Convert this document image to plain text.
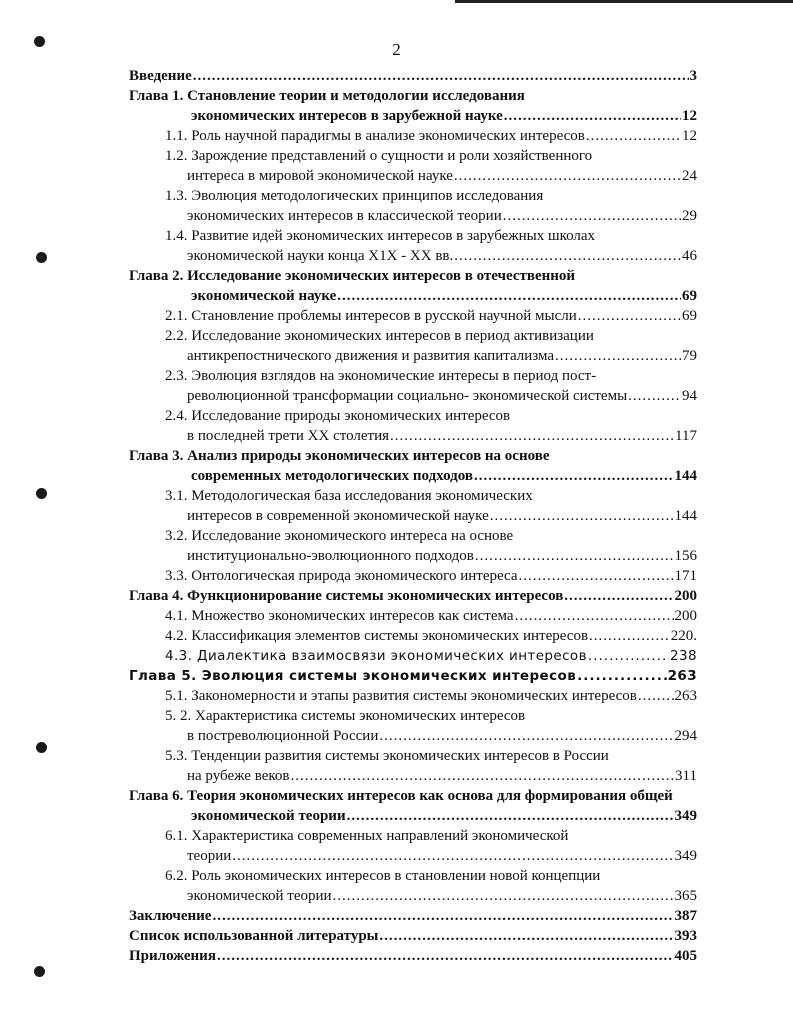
2
Введение .....	3
Глава 1. Становление теории и методологии исследования
экономических интересов в зарубежной науке .....	12
1.1. Роль научной парадигмы в анализе экономических интересов .....	12
1.2. Зарождение представлений о сущности и роли хозяйственного
интереса в мировой экономической науке .....	24
1.3. Эволюция методологических принципов исследования
экономических интересов в классической теории .....	29
1.4. Развитие идей экономических интересов в зарубежных школах
экономической науки конца Х1Х - ХХ вв. .....	46
Глава 2. Исследование экономических интересов в отечественной
экономической науке .....	69
2.1. Становление проблемы интересов в русской научной мысли .....	69
2.2. Исследование экономических интересов в период активизации
антикрепостнического движения и развития капитализма .....	79
2.3. Эволюция взглядов на экономические интересы в период пост-
революционной трансформации социально- экономической системы .....	94
2.4. Исследование природы экономических интересов
в последней трети ХХ столетия .....	117
Глава 3. Анализ природы экономических интересов на основе
современных методологических подходов .....	144
3.1. Методологическая база исследования экономических
интересов в современной экономической науке .....	144
3.2. Исследование экономического интереса на основе
институционально-эволюционного подходов .....	156
3.3. Онтологическая природа экономического интереса .....	171
Глава 4. Функционирование системы экономических интересов .....	200
4.1. Множество экономических интересов как система .....	200
4.2. Классификация элементов системы экономических интересов .....	220.
4.3. Диалектика взаимосвязи экономических интересов .....	238
Глава 5. Эволюция системы экономических интересов .....	263
5.1. Закономерности и этапы развития системы экономических интересов .....	263
5. 2. Характеристика системы экономических интересов
в постреволюционной России .....	294
5.3. Тенденции развития системы экономических интересов в России
на рубеже веков .....	311
Глава 6. Теория экономических интересов как основа для формирования общей
экономической теории .....	349
6.1. Характеристика современных направлений экономической
теории .....	349
6.2. Роль экономических интересов в становлении новой концепции
экономической теории .....	365
Заключение .....	387
Список использованной литературы .....	393
Приложения .....	405
